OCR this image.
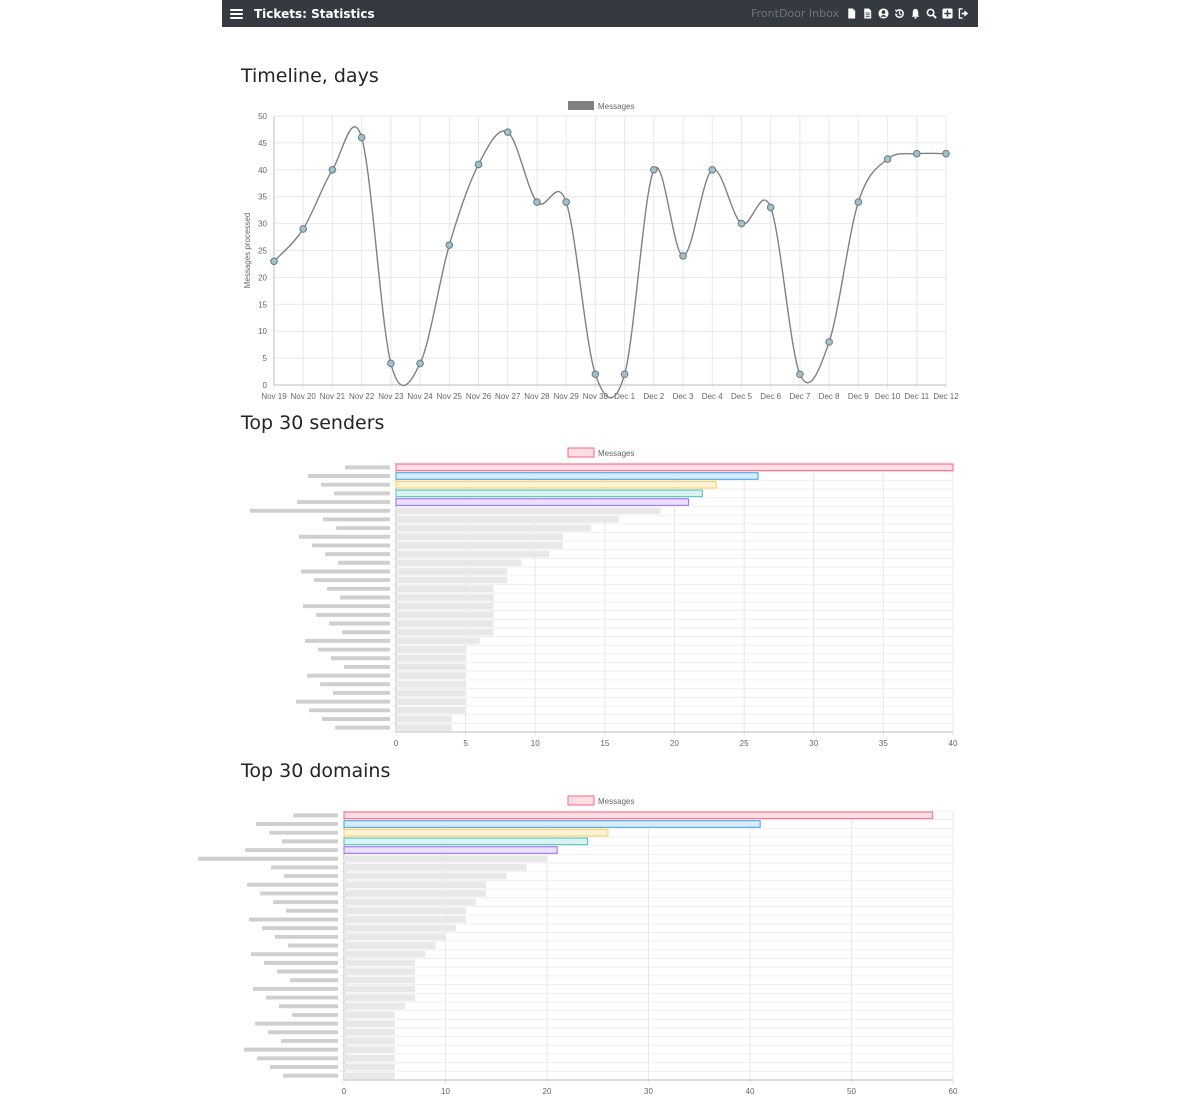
Tickets: Statistics	FrontDoor Inbox
Timeline, days
Messages
0
5
10
15
20
25
30
35
40
45
50
Nov 19 Nov 20 Nov 21 Nov 22 Nov 23 Nov 24 Nov 25 Nov 26 Nov 27 Nov 28 Nov 29 Nov 30 Dec 1 Dec 2 Dec 3 Dec 4 Dec 5 Dec 6 Dec 7 Dec 8 Dec 9 Dec 10 Dec 11 Dec 12
Messages processed
Top 30 senders
Messages
0	5	10	15	20	25	30	35	40
Top 30 domains
Messages
0	10	20	30	40	50	60
